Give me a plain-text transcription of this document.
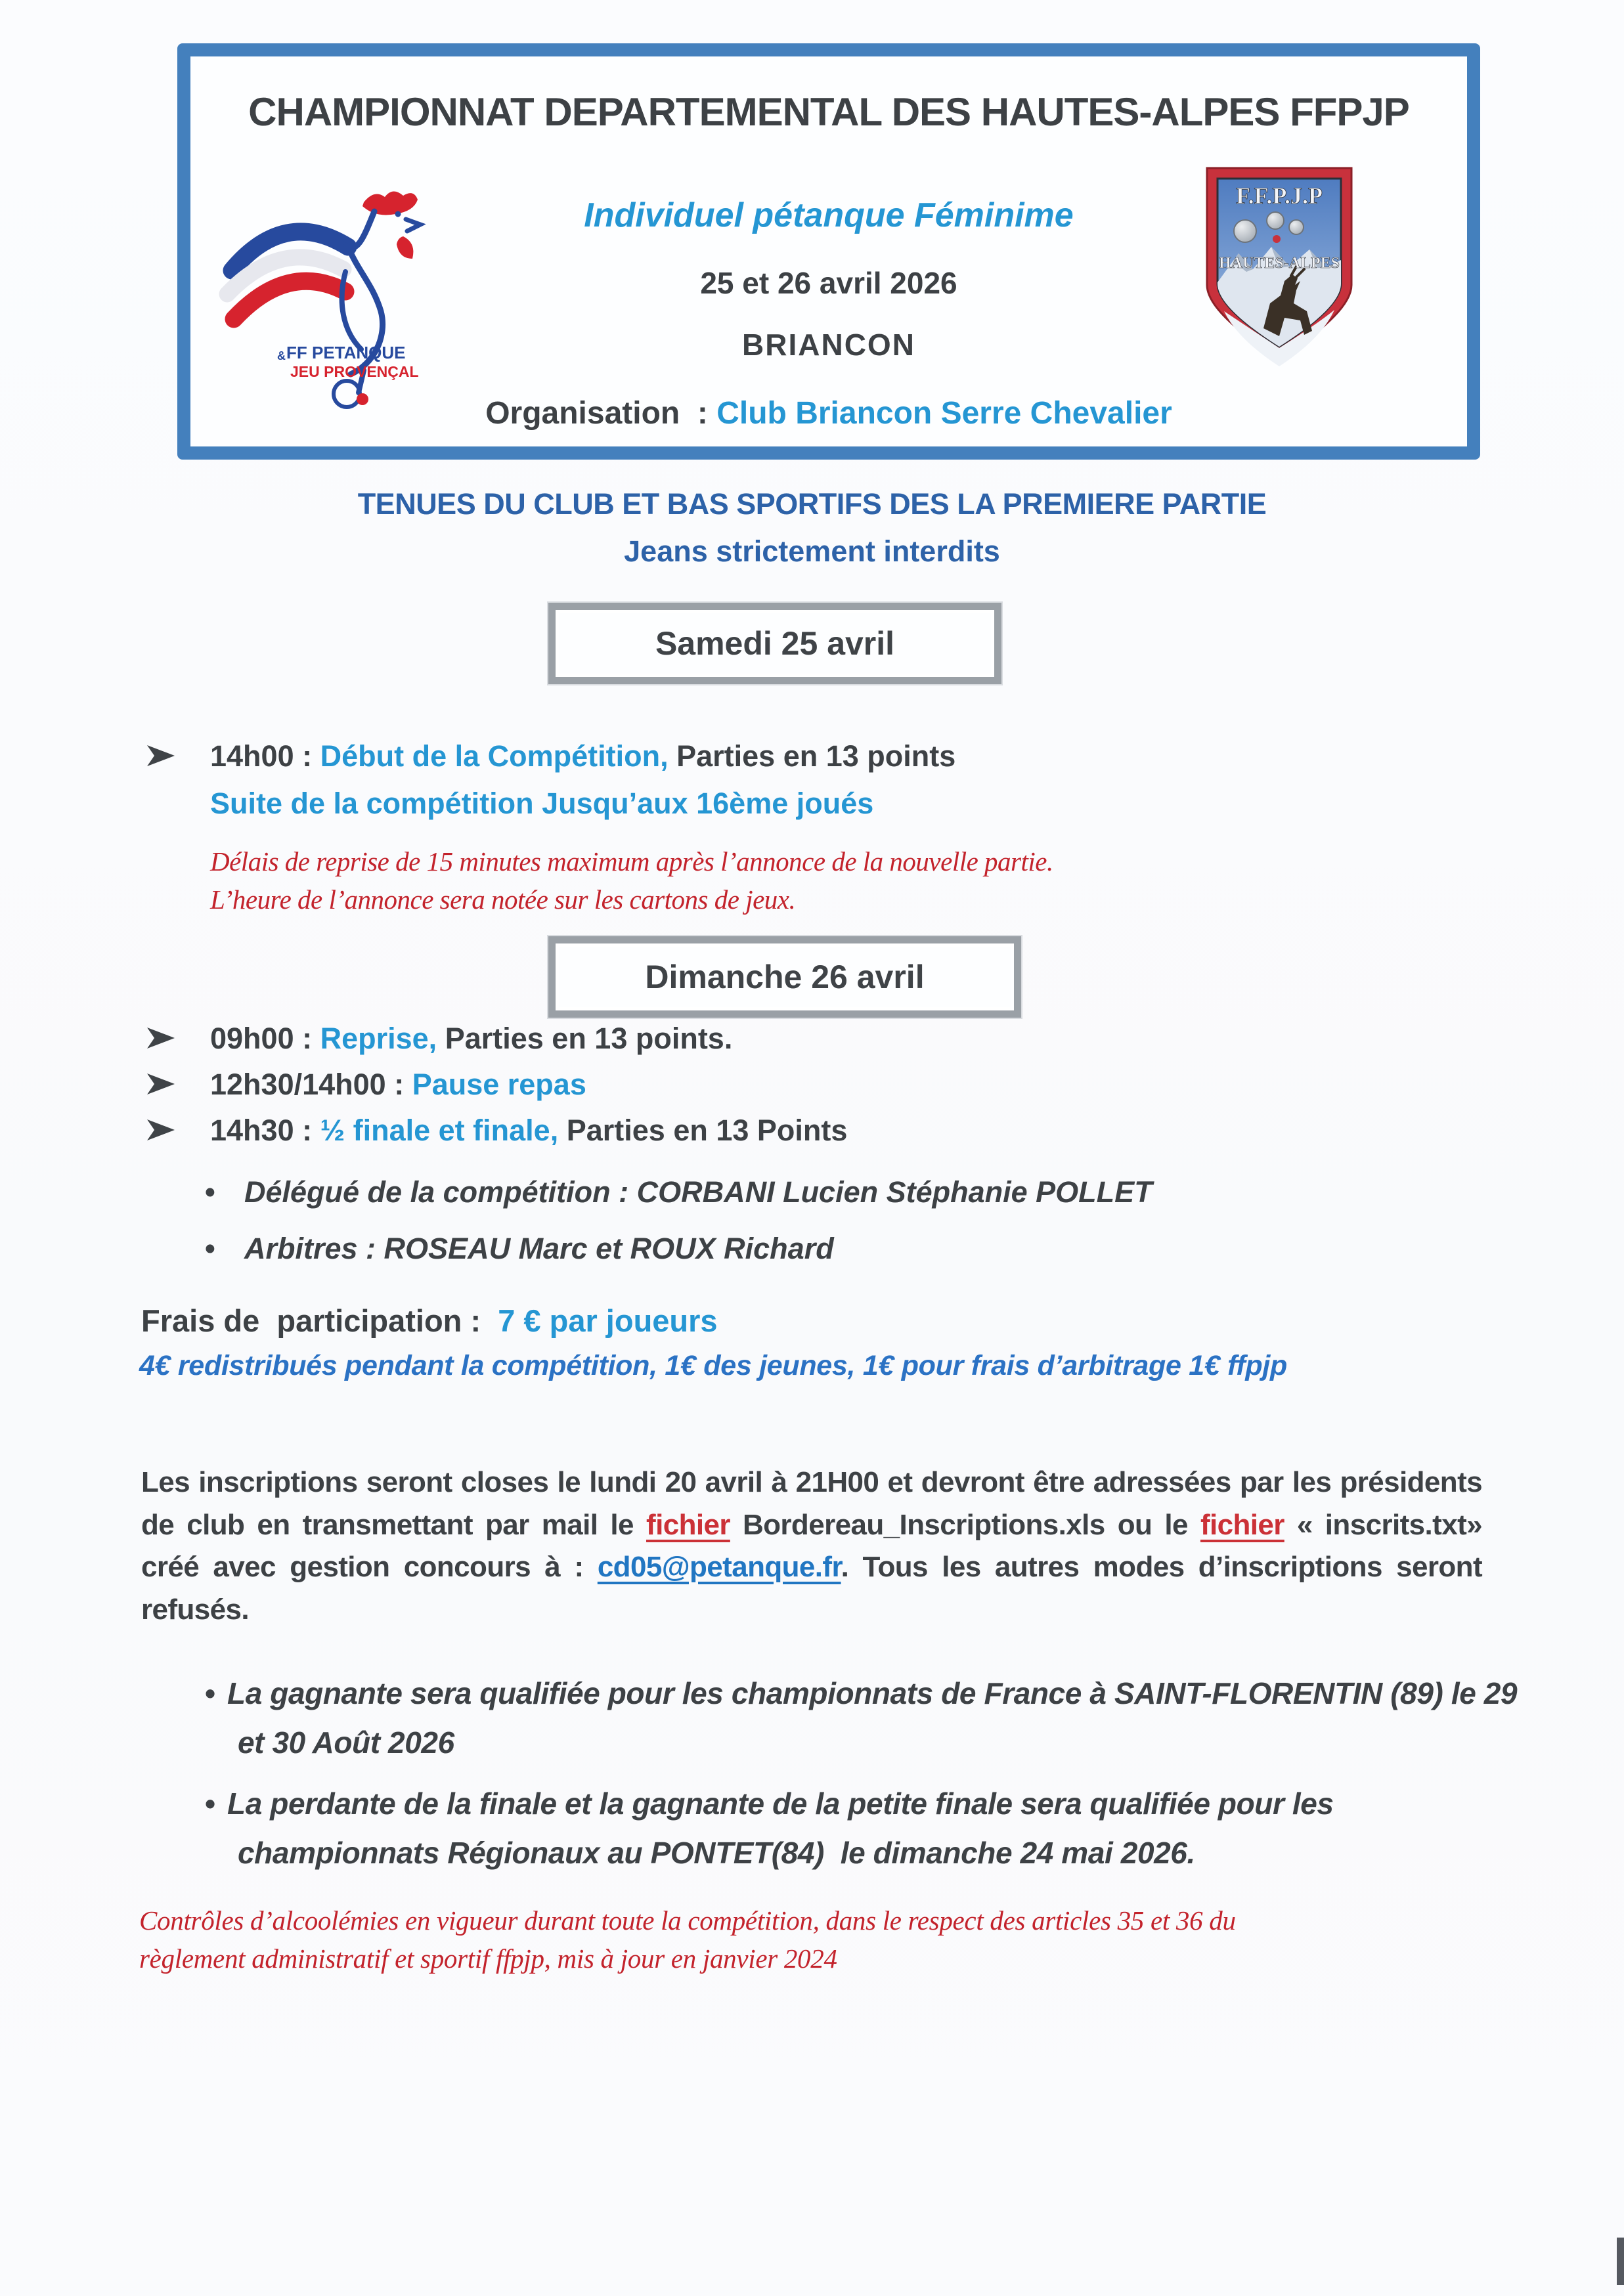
CHAMPIONNAT DEPARTEMENTAL DES HAUTES-ALPES FFPJP
FF PETANQUE
&
JEU PROVENÇAL
F.F.P.J.P
HAUTES-ALPES
Individuel pétanque Féminime
25 et 26 avril 2026
BRIANCON
Organisation  : Club Briancon Serre Chevalier
TENUES DU CLUB ET BAS SPORTIFS DES LA PREMIERE PARTIE
Jeans strictement interdits
Samedi 25 avril
14h00 : Début de la Compétition, Parties en 13 points
Suite de la compétition Jusqu’aux 16ème joués
Délais de reprise de 15 minutes maximum après l’annonce de la nouvelle partie.
L’heure de l’annonce sera notée sur les cartons de jeux.
Dimanche 26 avril
09h00 : Reprise, Parties en 13 points.
12h30/14h00 : Pause repas
14h30 : ½ finale et finale, Parties en 13 Points
• Délégué de la compétition : CORBANI Lucien Stéphanie POLLET
• Arbitres : ROSEAU Marc et ROUX Richard
Frais de  participation :  7 € par joueurs
4€ redistribués pendant la compétition, 1€ des jeunes, 1€ pour frais d’arbitrage 1€ ffpjp
Les inscriptions seront closes le lundi 20 avril à 21H00 et devront être adressées par les présidents de club en transmettant par mail le fichier Bordereau_Inscriptions.xls ou le fichier « inscrits.txt» créé avec gestion concours à : cd05@petanque.fr. Tous les autres modes d’inscriptions seront refusés.
• La gagnante sera qualifiée pour les championnats de France à SAINT-FLORENTIN (89) le 29 et 30 Août 2026
• La perdante de la finale et la gagnante de la petite finale sera qualifiée pour les championnats Régionaux au PONTET(84)  le dimanche 24 mai 2026.
Contrôles d’alcoolémies en vigueur durant toute la compétition, dans le respect des articles 35 et 36 du
règlement administratif et sportif ffpjp, mis à jour en janvier 2024
